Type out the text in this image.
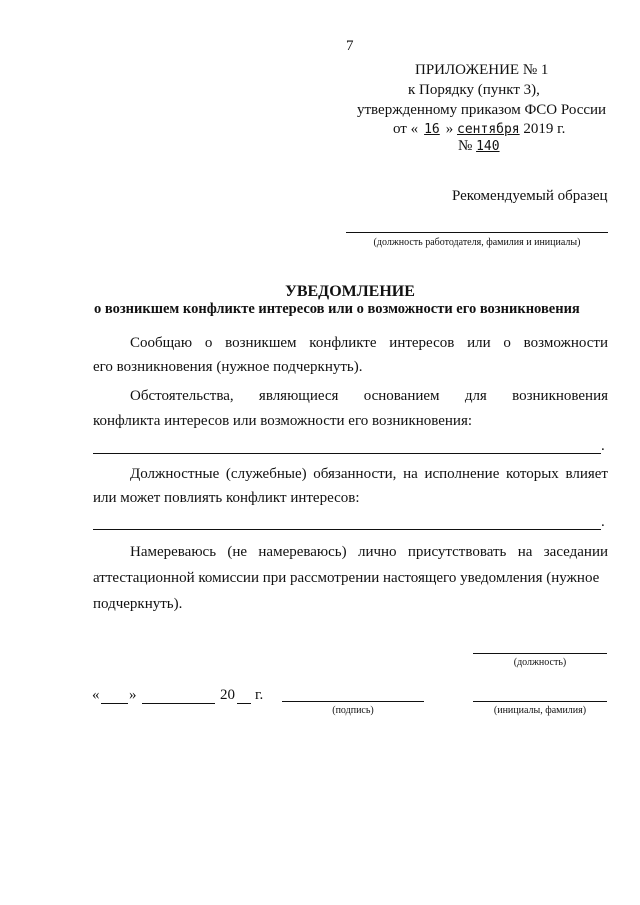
7
ПРИЛОЖЕНИЕ № 1
к Порядку (пункт 3),
утвержденному приказом ФСО России
от « 16 » сентября 2019 г.
№ 140
Рекомендуемый образец
(должность работодателя, фамилия и инициалы)
УВЕДОМЛЕНИЕ
о возникшем конфликте интересов или о возможности его возникновения
Сообщаю о возникшем конфликте интересов или о возможности
его возникновения (нужное подчеркнуть).
Обстоятельства, являющиеся основанием для возникновения
конфликта интересов или возможности его возникновения:
.
Должностные (служебные) обязанности, на исполнение которых влияет
или может повлиять конфликт интересов:
.
Намереваюсь (не намереваюсь) лично присутствовать на заседании
аттестационной комиссии при рассмотрении настоящего уведомления (нужное
подчеркнуть).
(должность)
« »	20 г.
(подпись)	(инициалы, фамилия)
